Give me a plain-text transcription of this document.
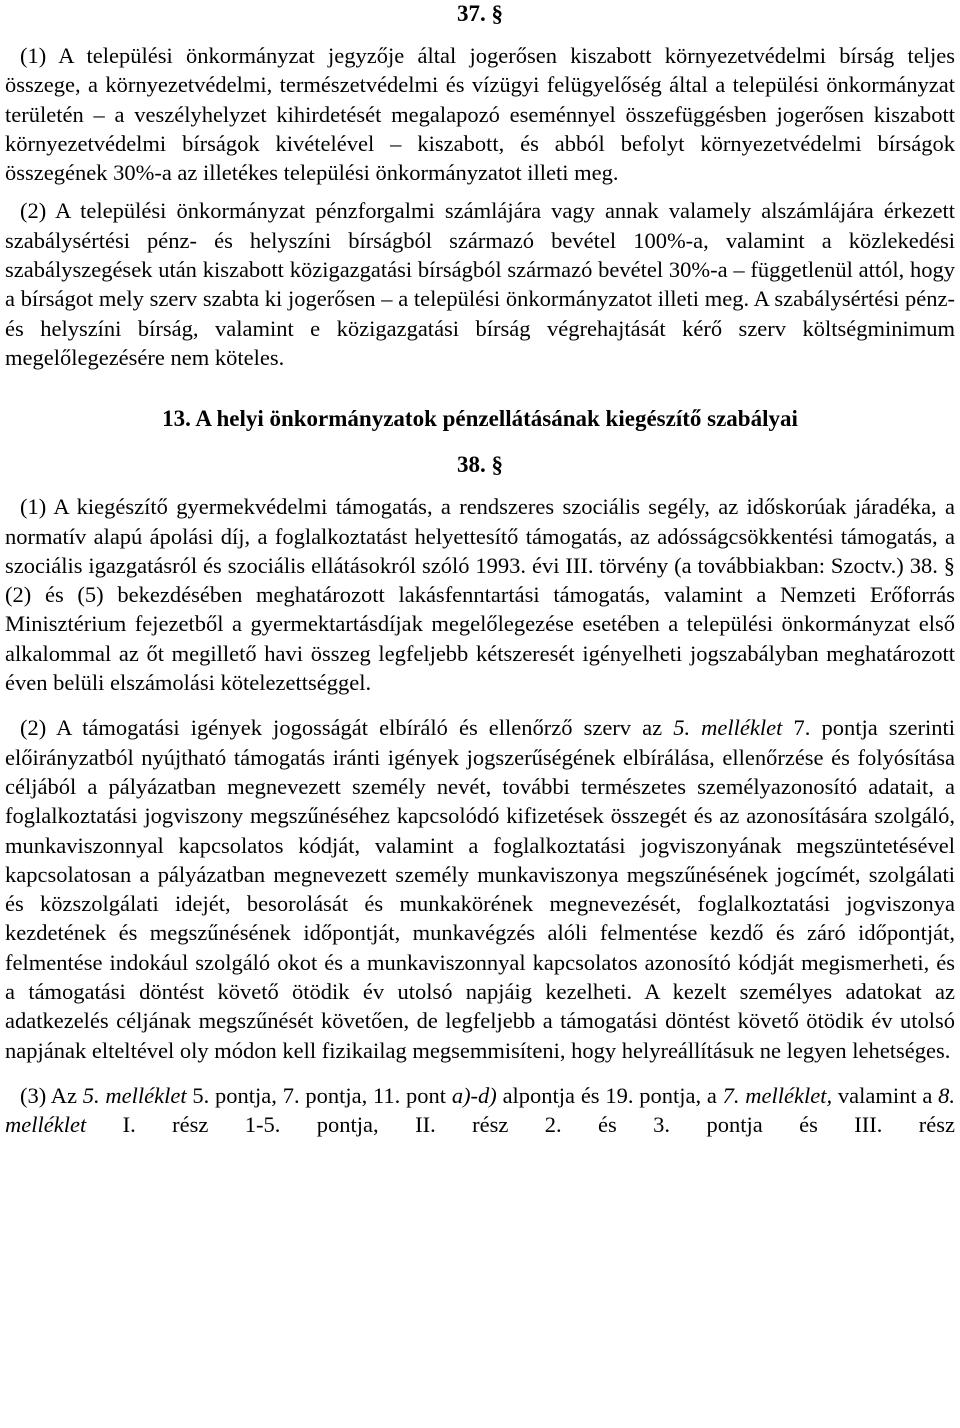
37. §

(1) A települési önkormányzat jegyzője által jogerősen kiszabott környezetvédelmi bírság teljes összege, a környezetvédelmi, természetvédelmi és vízügyi felügyelőség által a települési önkormányzat területén – a veszélyhelyzet kihirdetését megalapozó eseménnyel összefüggésben jogerősen kiszabott környezetvédelmi bírságok kivételével – kiszabott, és abból befolyt környezetvédelmi bírságok összegének 30%-a az illetékes települési önkormányzatot illeti meg.

(2) A települési önkormányzat pénzforgalmi számlájára vagy annak valamely alszámlájára érkezett szabálysértési pénz- és helyszíni bírságból származó bevétel 100%-a, valamint a közlekedési szabályszegések után kiszabott közigazgatási bírságból származó bevétel 30%-a – függetlenül attól, hogy a bírságot mely szerv szabta ki jogerősen – a települési önkormányzatot illeti meg. A szabálysértési pénz- és helyszíni bírság, valamint e közigazgatási bírság végrehajtását kérő szerv költségminimum megelőlegezésére nem köteles.

13. A helyi önkormányzatok pénzellátásának kiegészítő szabályai
38. §

(1) A kiegészítő gyermekvédelmi támogatás, a rendszeres szociális segély, az időskorúak járadéka, a normatív alapú ápolási díj, a foglalkoztatást helyettesítő támogatás, az adósságcsökkentési támogatás, a szociális igazgatásról és szociális ellátásokról szóló 1993. évi III. törvény (a továbbiakban: Szoctv.) 38. § (2) és (5) bekezdésében meghatározott lakásfenntartási támogatás, valamint a Nemzeti Erőforrás Minisztérium fejezetből a gyermektartásdíjak megelőlegezése esetében a települési önkormányzat első alkalommal az őt megillető havi összeg legfeljebb kétszeresét igényelheti jogszabályban meghatározott éven belüli elszámolási kötelezettséggel.

(2) A támogatási igények jogosságát elbíráló és ellenőrző szerv az 5. melléklet 7. pontja szerinti előirányzatból nyújtható támogatás iránti igények jogszerűségének elbírálása, ellenőrzése és folyósítása céljából a pályázatban megnevezett személy nevét, további természetes személyazonosító adatait, a foglalkoztatási jogviszony megszűnéséhez kapcsolódó kifizetések összegét és az azonosítására szolgáló, munkaviszonnyal kapcsolatos kódját, valamint a foglalkoztatási jogviszonyának megszüntetésével kapcsolatosan a pályázatban megnevezett személy munkaviszonya megszűnésének jogcímét, szolgálati és közszolgálati idejét, besorolását és munkakörének megnevezését, foglalkoztatási jogviszonya kezdetének és megszűnésének időpontját, munkavégzés alóli felmentése kezdő és záró időpontját, felmentése indokául szolgáló okot és a munkaviszonnyal kapcsolatos azonosító kódját megismerheti, és a támogatási döntést követő ötödik év utolsó napjáig kezelheti. A kezelt személyes adatokat az adatkezelés céljának megszűnését követően, de legfeljebb a támogatási döntést követő ötödik év utolsó napjának elteltével oly módon kell fizikailag megsemmisíteni, hogy helyreállításuk ne legyen lehetséges.

(3) Az 5. melléklet 5. pontja, 7. pontja, 11. pont a)-d) alpontja és 19. pontja, a 7. melléklet, valamint a 8. melléklet I. rész 1-5. pontja, II. rész 2. és 3. pontja és III. rész
